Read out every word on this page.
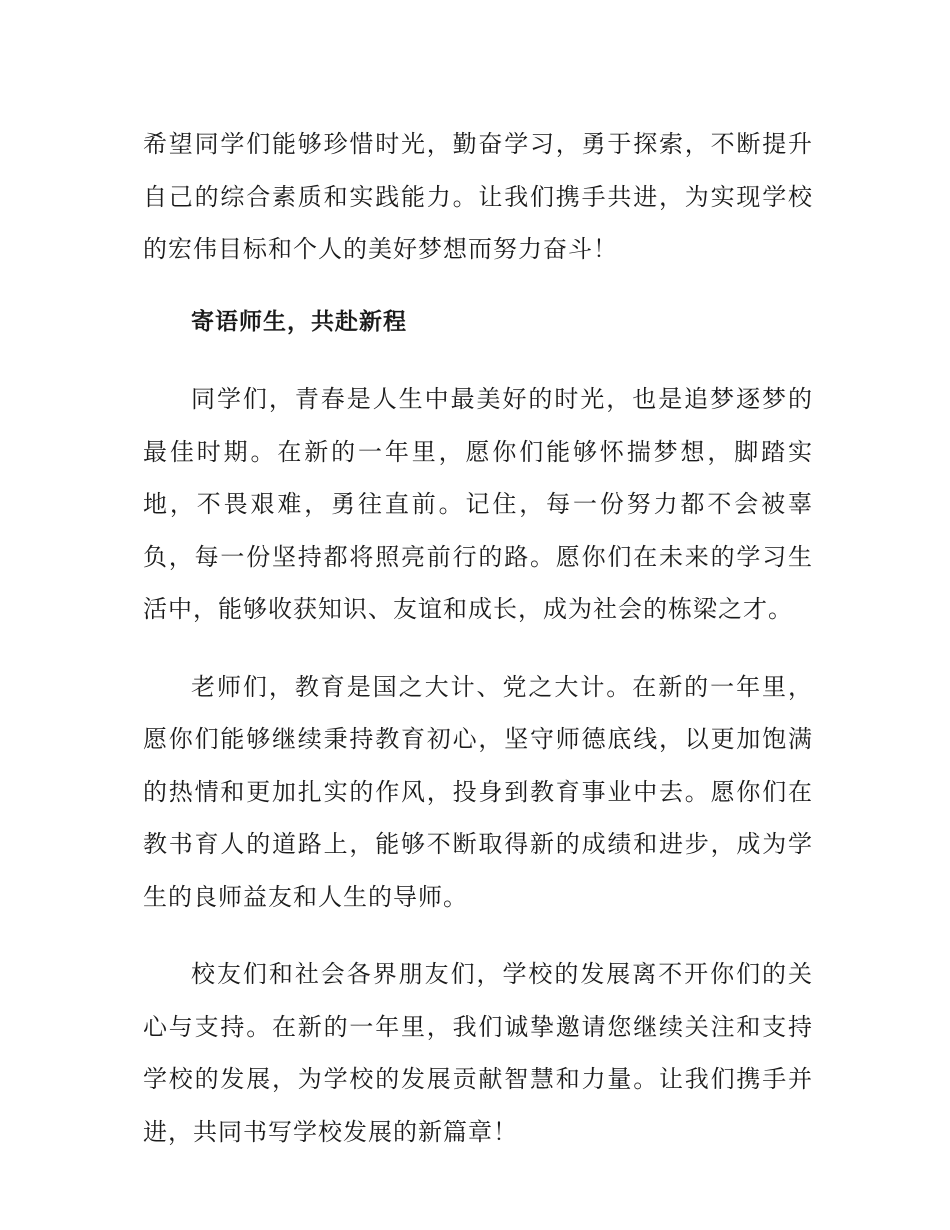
希望同学们能够珍惜时光，勤奋学习，勇于探索，不断提升自己的综合素质和实践能力。让我们携手共进，为实现学校的宏伟目标和个人的美好梦想而努力奋斗！

寄语师生，共赴新程

同学们，青春是人生中最美好的时光，也是追梦逐梦的最佳时期。在新的一年里，愿你们能够怀揣梦想，脚踏实地，不畏艰难，勇往直前。记住，每一份努力都不会被辜负，每一份坚持都将照亮前行的路。愿你们在未来的学习生活中，能够收获知识、友谊和成长，成为社会的栋梁之才。

老师们，教育是国之大计、党之大计。在新的一年里，愿你们能够继续秉持教育初心，坚守师德底线，以更加饱满的热情和更加扎实的作风，投身到教育事业中去。愿你们在教书育人的道路上，能够不断取得新的成绩和进步，成为学生的良师益友和人生的导师。

校友们和社会各界朋友们，学校的发展离不开你们的关心与支持。在新的一年里，我们诚挚邀请您继续关注和支持学校的发展，为学校的发展贡献智慧和力量。让我们携手并进，共同书写学校发展的新篇章！
